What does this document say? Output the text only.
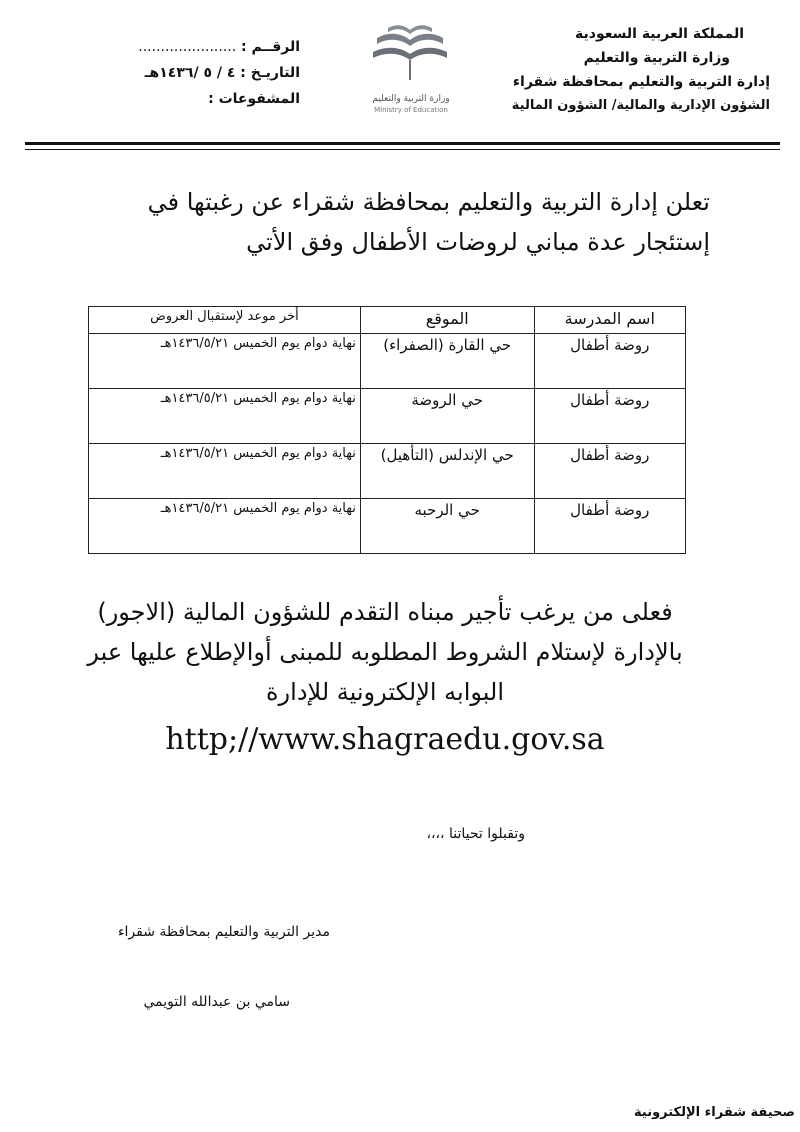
المملكة العربية السعودية
وزارة التربية والتعليم
إدارة التربية والتعليم بمحافظة شقراء
الشؤون الإدارية والمالية/ الشؤون المالية
وزارة التربية والتعليم
Ministry of Education
الرقــم : ......................
التاريـخ : ٤ / ٥ /١٤٣٦هـ
المشفوعات :
تعلن إدارة التربية والتعليم بمحافظة شقراء عن رغبتها في
إستئجار عدة مباني لروضات الأطفال وفق الأتي
اسم المدرسة	الموقع	أخر موعد لإستقبال العروض
روضة أطفال	حي القارة (الصفراء)	نهاية دوام يوم الخميس ١٤٣٦/٥/٢١هـ
روضة أطفال	حي الروضة	نهاية دوام يوم الخميس ١٤٣٦/٥/٢١هـ
روضة أطفال	حي الإندلس (التأهيل)	نهاية دوام يوم الخميس ١٤٣٦/٥/٢١هـ
روضة أطفال	حي الرحبه	نهاية دوام يوم الخميس ١٤٣٦/٥/٢١هـ
فعلى من يرغب تأجير مبناه التقدم للشؤون المالية (الاجور)
بالإدارة لإستلام الشروط المطلوبه للمبنى أوالإطلاع عليها عبر
البوابه الإلكترونية للإدارة
http;//www.shagraedu.gov.sa
وتقبلوا تحياتنا ،،،،
مدير التربية والتعليم بمحافظة شقراء
سامي بن عبدالله التويمي
صحيفة شقراء الإلكترونية
